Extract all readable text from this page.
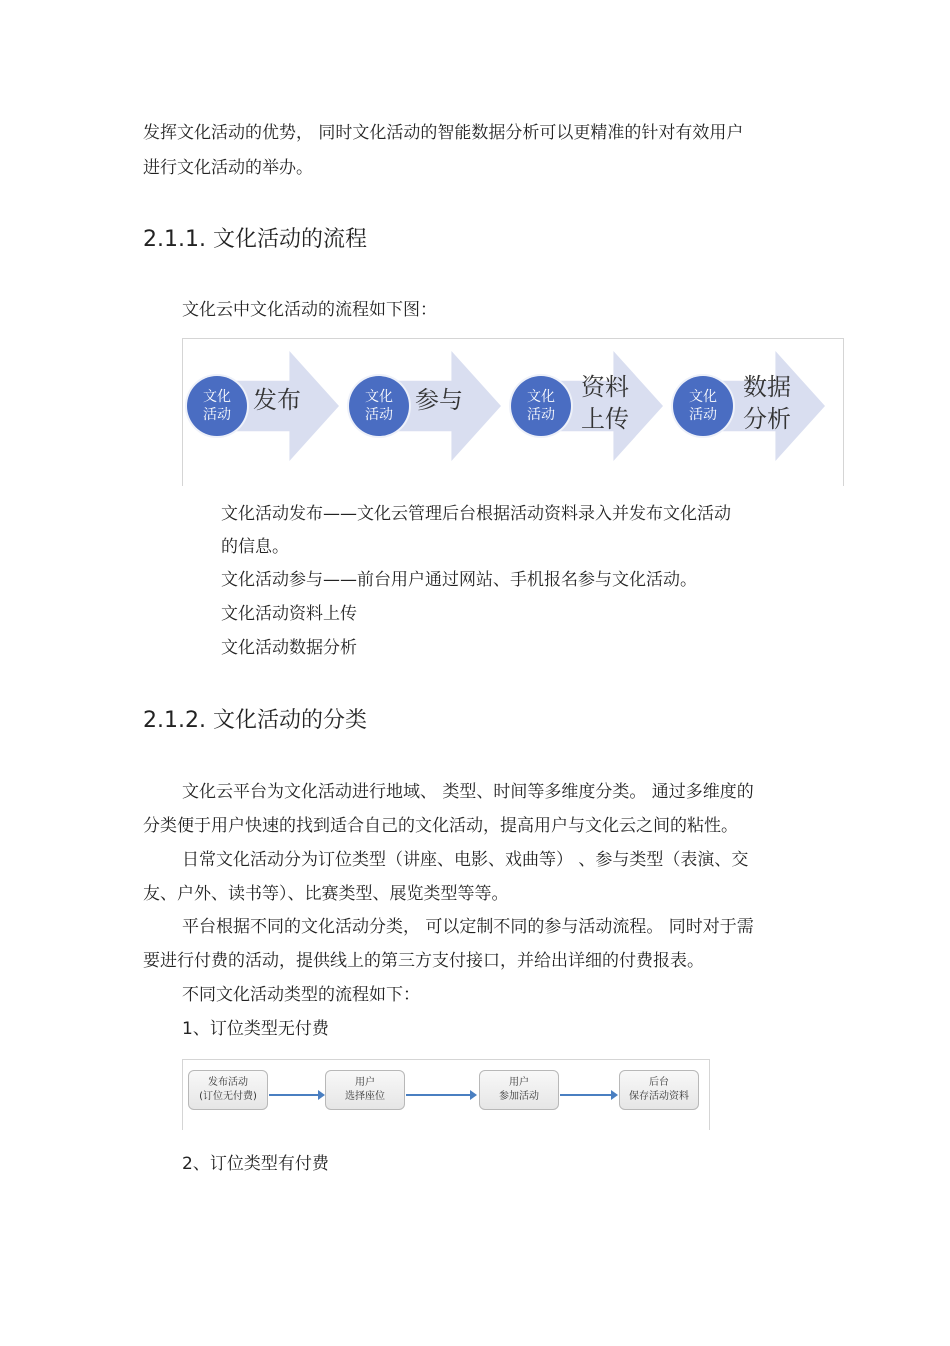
发挥文化活动的优势， 同时文化活动的智能数据分析可以更精准的针对有效用户
进行文化活动的举办。
2.1.1. 文化活动的流程
文化云中文化活动的流程如下图：
文化活动
发布	文化活动
参与	文化活动
资料上传
文化活动
数据分析
文化活动发布——文化云管理后台根据活动资料录入并发布文化活动
的信息。
文化活动参与——前台用户通过网站、手机报名参与文化活动。
文化活动资料上传
文化活动数据分析
2.1.2. 文化活动的分类
文化云平台为文化活动进行地域、 类型、时间等多维度分类。 通过多维度的
分类便于用户快速的找到适合自己的文化活动，提高用户与文化云之间的粘性。
日常文化活动分为订位类型（讲座、电影、戏曲等） 、参与类型（表演、交
友、户外、读书等）、比赛类型、展览类型等等。
平台根据不同的文化活动分类， 可以定制不同的参与活动流程。 同时对于需
要进行付费的活动，提供线上的第三方支付接口，并给出详细的付费报表。
不同文化活动类型的流程如下：
1、订位类型无付费
发布活动
(订位无付费)
用户
选择座位
用户
参加活动
后台
保存活动资料
2、订位类型有付费
